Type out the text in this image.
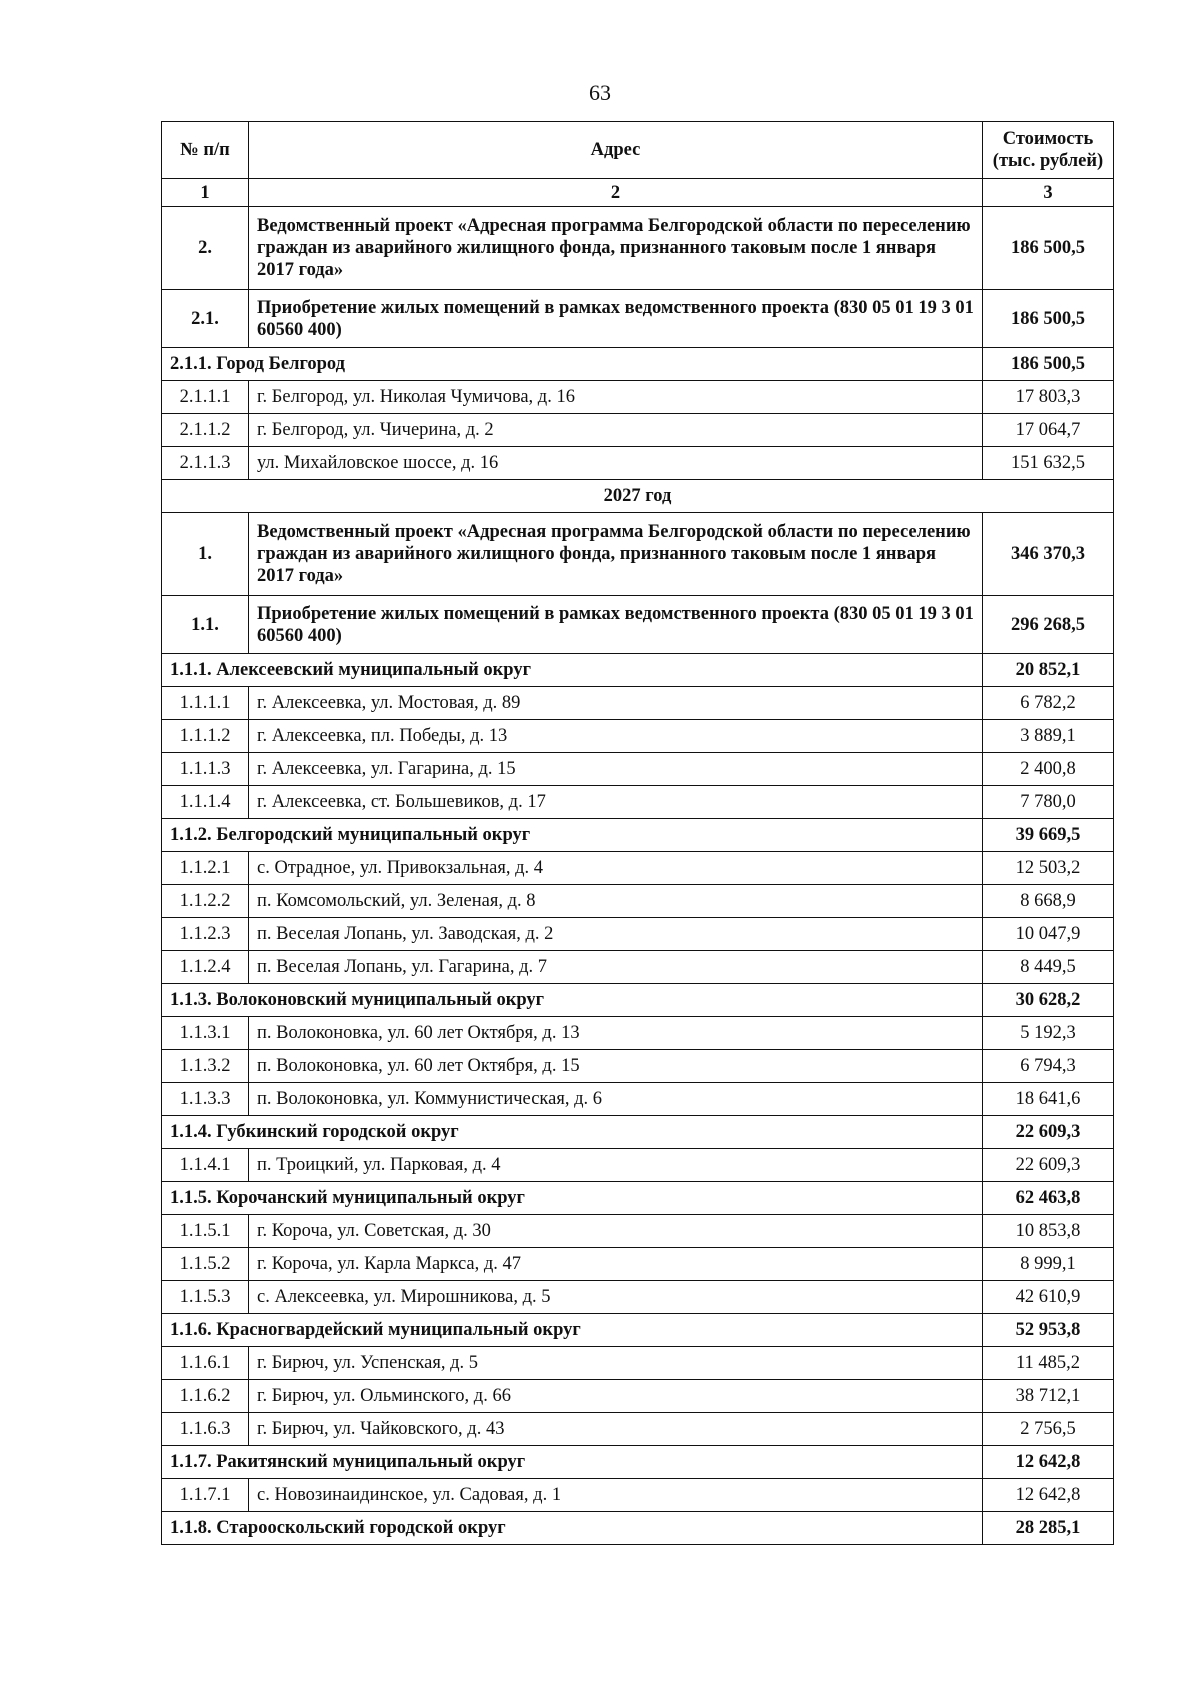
63
№ п/п	Адрес	Стоимость
(тыс. рублей)

1	2	3
2.	Ведомственный проект «Адресная программа Белгородской области по переселению граждан из аварийного жилищного фонда, признанного таковым после 1 января 2017 года»	186 500,5
2.1.	Приобретение жилых помещений в рамках ведомственного проекта (830 05 01 19 3 01 60560 400)	186 500,5
2.1.1. Город Белгород		186 500,5
2.1.1.1	г. Белгород, ул. Николая Чумичова, д. 16	17 803,3
2.1.1.2	г. Белгород, ул. Чичерина, д. 2	17 064,7
2.1.1.3	ул. Михайловское шоссе, д. 16	151 632,5
2027 год		
1.	Ведомственный проект «Адресная программа Белгородской области по переселению граждан из аварийного жилищного фонда, признанного таковым после 1 января 2017 года»	346 370,3
1.1.	Приобретение жилых помещений в рамках ведомственного проекта (830 05 01 19 3 01 60560 400)	296 268,5
1.1.1. Алексеевский муниципальный округ		20 852,1
1.1.1.1	г. Алексеевка, ул. Мостовая, д. 89	6 782,2
1.1.1.2	г. Алексеевка, пл. Победы, д. 13	3 889,1
1.1.1.3	г. Алексеевка, ул. Гагарина, д. 15	2 400,8
1.1.1.4	г. Алексеевка, ст. Большевиков, д. 17	7 780,0
1.1.2. Белгородский муниципальный округ		39 669,5
1.1.2.1	с. Отрадное, ул. Привокзальная, д. 4	12 503,2
1.1.2.2	п. Комсомольский, ул. Зеленая, д. 8	8 668,9
1.1.2.3	п. Веселая Лопань, ул. Заводская, д. 2	10 047,9
1.1.2.4	п. Веселая Лопань, ул. Гагарина, д. 7	8 449,5
1.1.3. Волоконовский муниципальный округ		30 628,2
1.1.3.1	п. Волоконовка, ул. 60 лет Октября, д. 13	5 192,3
1.1.3.2	п. Волоконовка, ул. 60 лет Октября, д. 15	6 794,3
1.1.3.3	п. Волоконовка, ул. Коммунистическая, д. 6	18 641,6
1.1.4. Губкинский городской округ		22 609,3
1.1.4.1	п. Троицкий, ул. Парковая, д. 4	22 609,3
1.1.5. Корочанский муниципальный округ		62 463,8
1.1.5.1	г. Короча, ул. Советская, д. 30	10 853,8
1.1.5.2	г. Короча, ул. Карла Маркса, д. 47	8 999,1
1.1.5.3	с. Алексеевка, ул. Мирошникова, д. 5	42 610,9
1.1.6. Красногвардейский муниципальный округ		52 953,8
1.1.6.1	г. Бирюч, ул. Успенская, д. 5	11 485,2
1.1.6.2	г. Бирюч, ул. Ольминского, д. 66	38 712,1
1.1.6.3	г. Бирюч, ул. Чайковского, д. 43	2 756,5
1.1.7. Ракитянский муниципальный округ		12 642,8
1.1.7.1	с. Новозинаидинское, ул. Садовая, д. 1	12 642,8
1.1.8. Старооскольский городской округ		28 285,1
